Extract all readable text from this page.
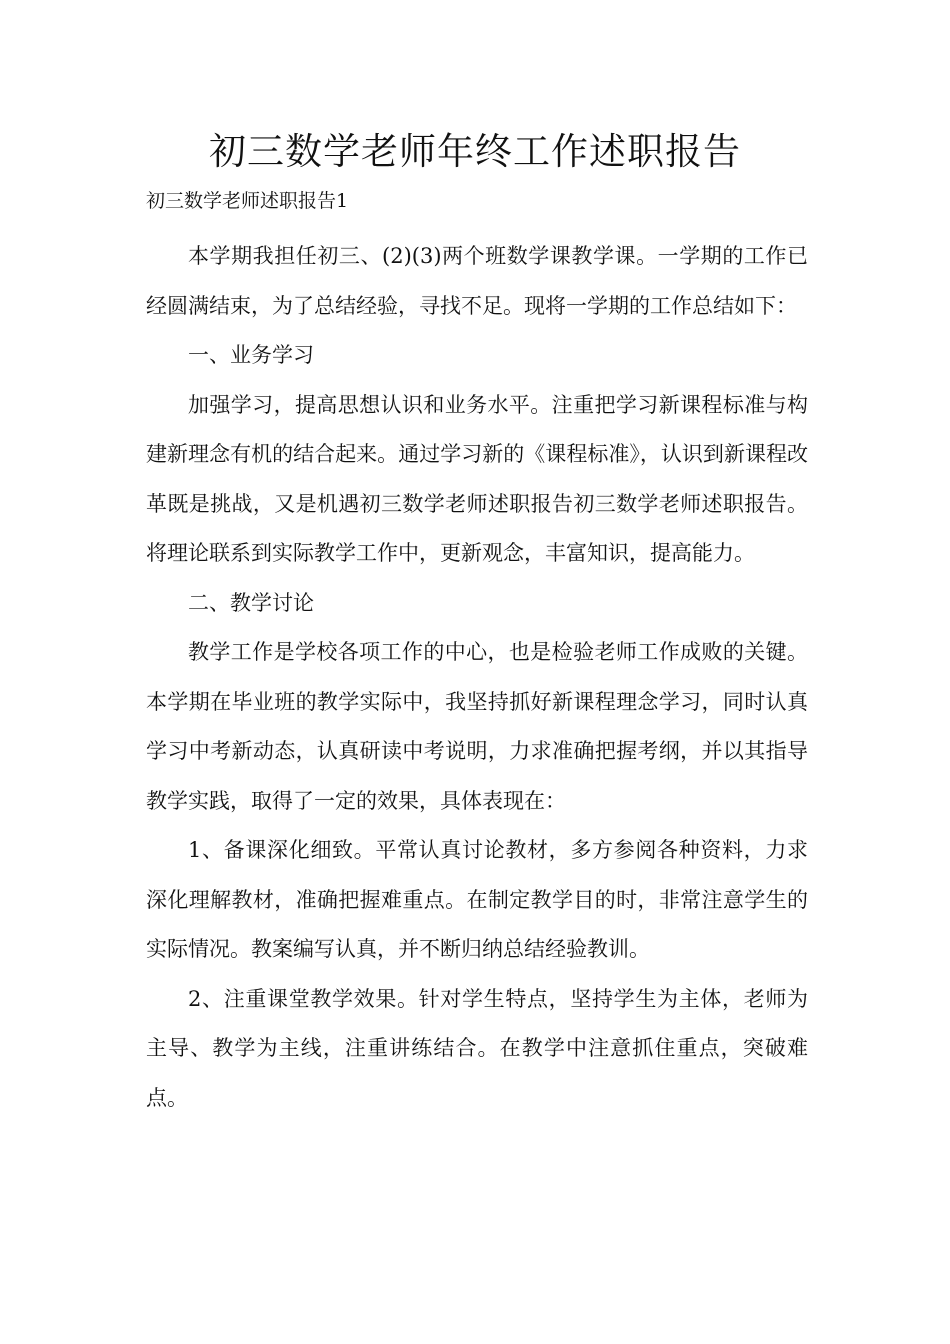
初三数学老师年终工作述职报告

初三数学老师述职报告1

本学期我担任初三、(2)(3)两个班数学课教学课。一学期的工作已经圆满结束，为了总结经验，寻找不足。现将一学期的工作总结如下：

一、业务学习

加强学习，提高思想认识和业务水平。注重把学习新课程标准与构建新理念有机的结合起来。通过学习新的《课程标准》，认识到新课程改革既是挑战，又是机遇初三数学老师述职报告初三数学老师述职报告。将理论联系到实际教学工作中，更新观念，丰富知识，提高能力。

二、教学讨论

教学工作是学校各项工作的中心，也是检验老师工作成败的关键。本学期在毕业班的教学实际中，我坚持抓好新课程理念学习，同时认真学习中考新动态，认真研读中考说明，力求准确把握考纲，并以其指导教学实践，取得了一定的效果，具体表现在：

1、备课深化细致。平常认真讨论教材，多方参阅各种资料，力求深化理解教材，准确把握难重点。在制定教学目的时，非常注意学生的实际情况。教案编写认真，并不断归纳总结经验教训。

2、注重课堂教学效果。针对学生特点，坚持学生为主体，老师为主导、教学为主线，注重讲练结合。在教学中注意抓住重点，突破难点。
